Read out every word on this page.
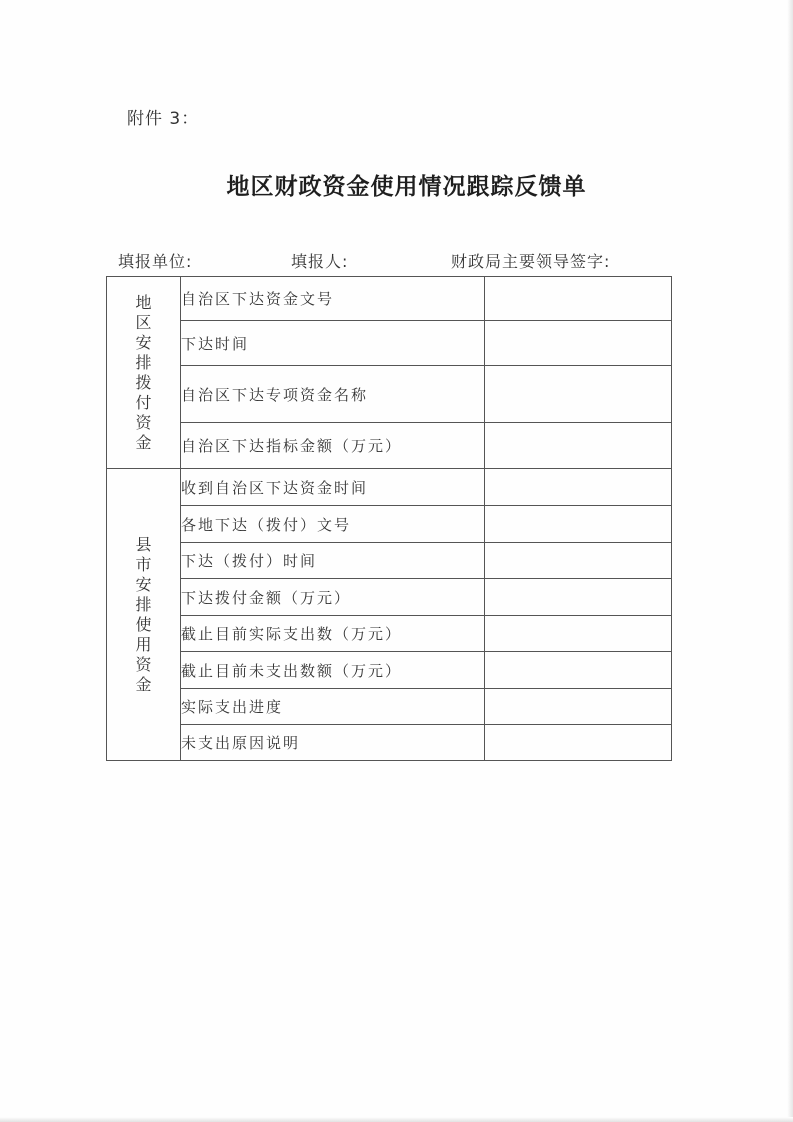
附件 3：
地区财政资金使用情况跟踪反馈单
填报单位:	填报人:	财政局主要领导签字:
地区安排拨付资金	自治区下达资金文号	
	下达时间	
	自治区下达专项资金名称	
	自治区下达指标金额（万元）	
县市安排使用资金	收到自治区下达资金时间	
	各地下达（拨付）文号	
	下达（拨付）时间	
	下达拨付金额（万元）	
	截止目前实际支出数（万元）	
	截止目前未支出数额（万元）	
	实际支出进度	
	未支出原因说明	
